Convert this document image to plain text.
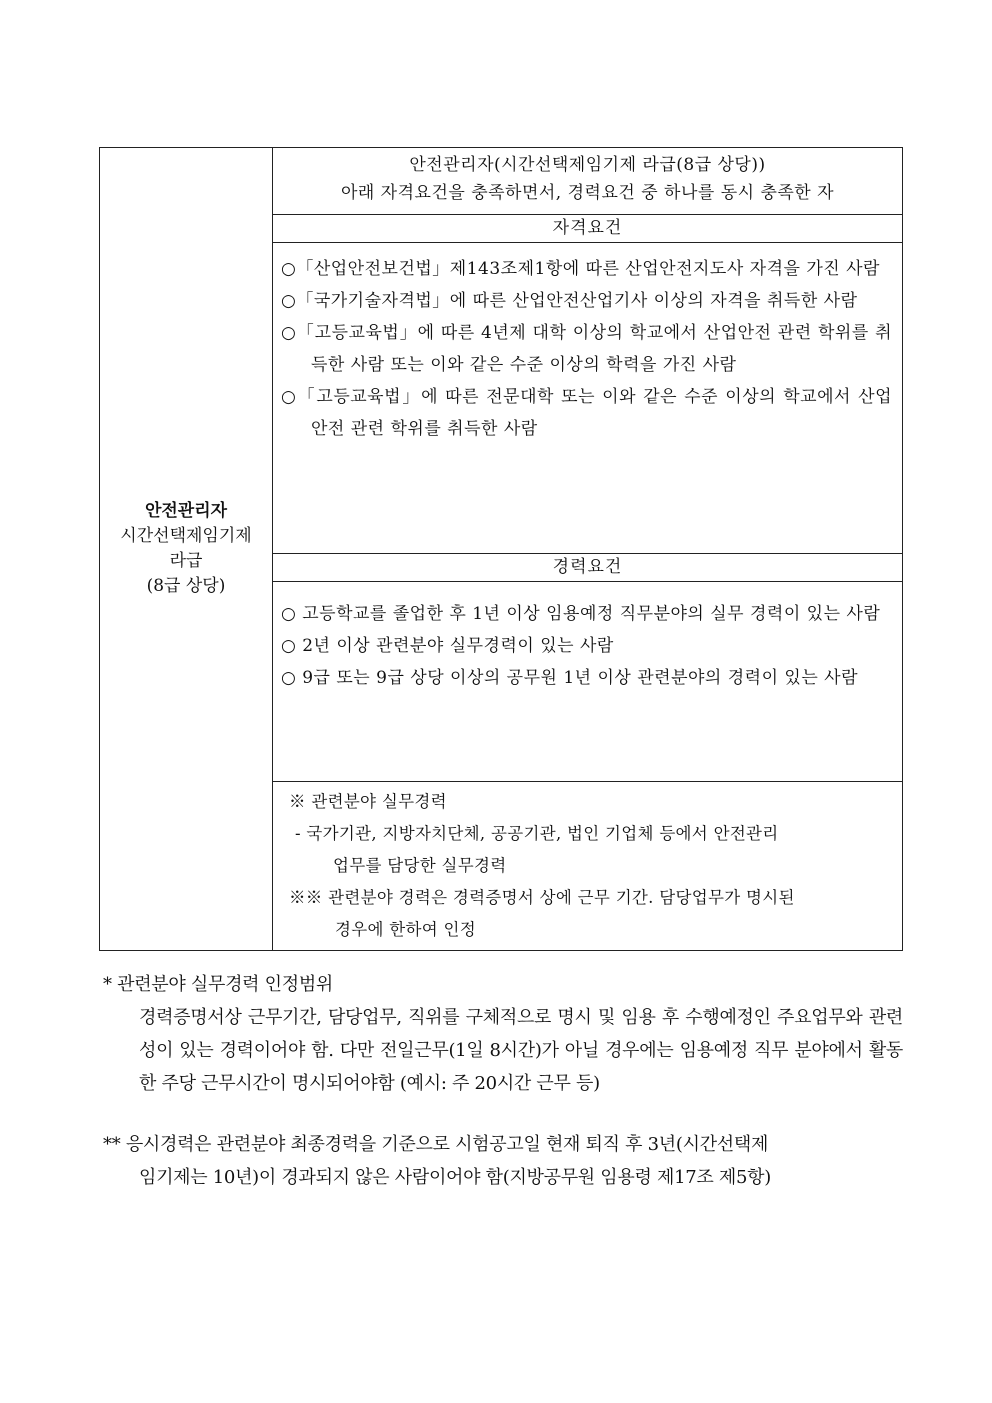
안전관리자
시간선택제임기제
라급
(8급 상당)

안전관리자(시간선택제임기제 라급(8급 상당))
아래 자격요건을 충족하면서, 경력요건 중 하나를 동시 충족한 자

자격요건

○「산업안전보건법」제143조제1항에 따른 산업안전지도사 자격을 가진 사람
○「국가기술자격법」에 따른 산업안전산업기사 이상의 자격을 취득한 사람
○「고등교육법」에 따른 4년제 대학 이상의 학교에서 산업안전 관련 학위를 취득한 사람 또는 이와 같은 수준 이상의 학력을 가진 사람
○「고등교육법」에 따른 전문대학 또는 이와 같은 수준 이상의 학교에서 산업안전 관련 학위를 취득한 사람

경력요건

○ 고등학교를 졸업한 후 1년 이상 임용예정 직무분야의 실무 경력이 있는 사람
○ 2년 이상 관련분야 실무경력이 있는 사람
○ 9급 또는 9급 상당 이상의 공무원 1년 이상 관련분야의 경력이 있는 사람

※ 관련분야 실무경력
- 국가기관, 지방자치단체, 공공기관, 법인 기업체 등에서 안전관리
업무를 담당한 실무경력
※※ 관련분야 경력은 경력증명서 상에 근무 기간. 담당업무가 명시된
경우에 한하여 인정
* 관련분야 실무경력 인정범위
경력증명서상 근무기간, 담당업무, 직위를 구체적으로 명시 및 임용 후 수행예정인 주요업무와 관련성이 있는 경력이어야 함. 다만 전일근무(1일 8시간)가 아닐 경우에는 임용예정 직무 분야에서 활동한 주당 근무시간이 명시되어야함 (예시: 주 20시간 근무 등)
** 응시경력은 관련분야 최종경력을 기준으로 시험공고일 현재 퇴직 후 3년(시간선택제
임기제는 10년)이 경과되지 않은 사람이어야 함(지방공무원 임용령 제17조 제5항)
